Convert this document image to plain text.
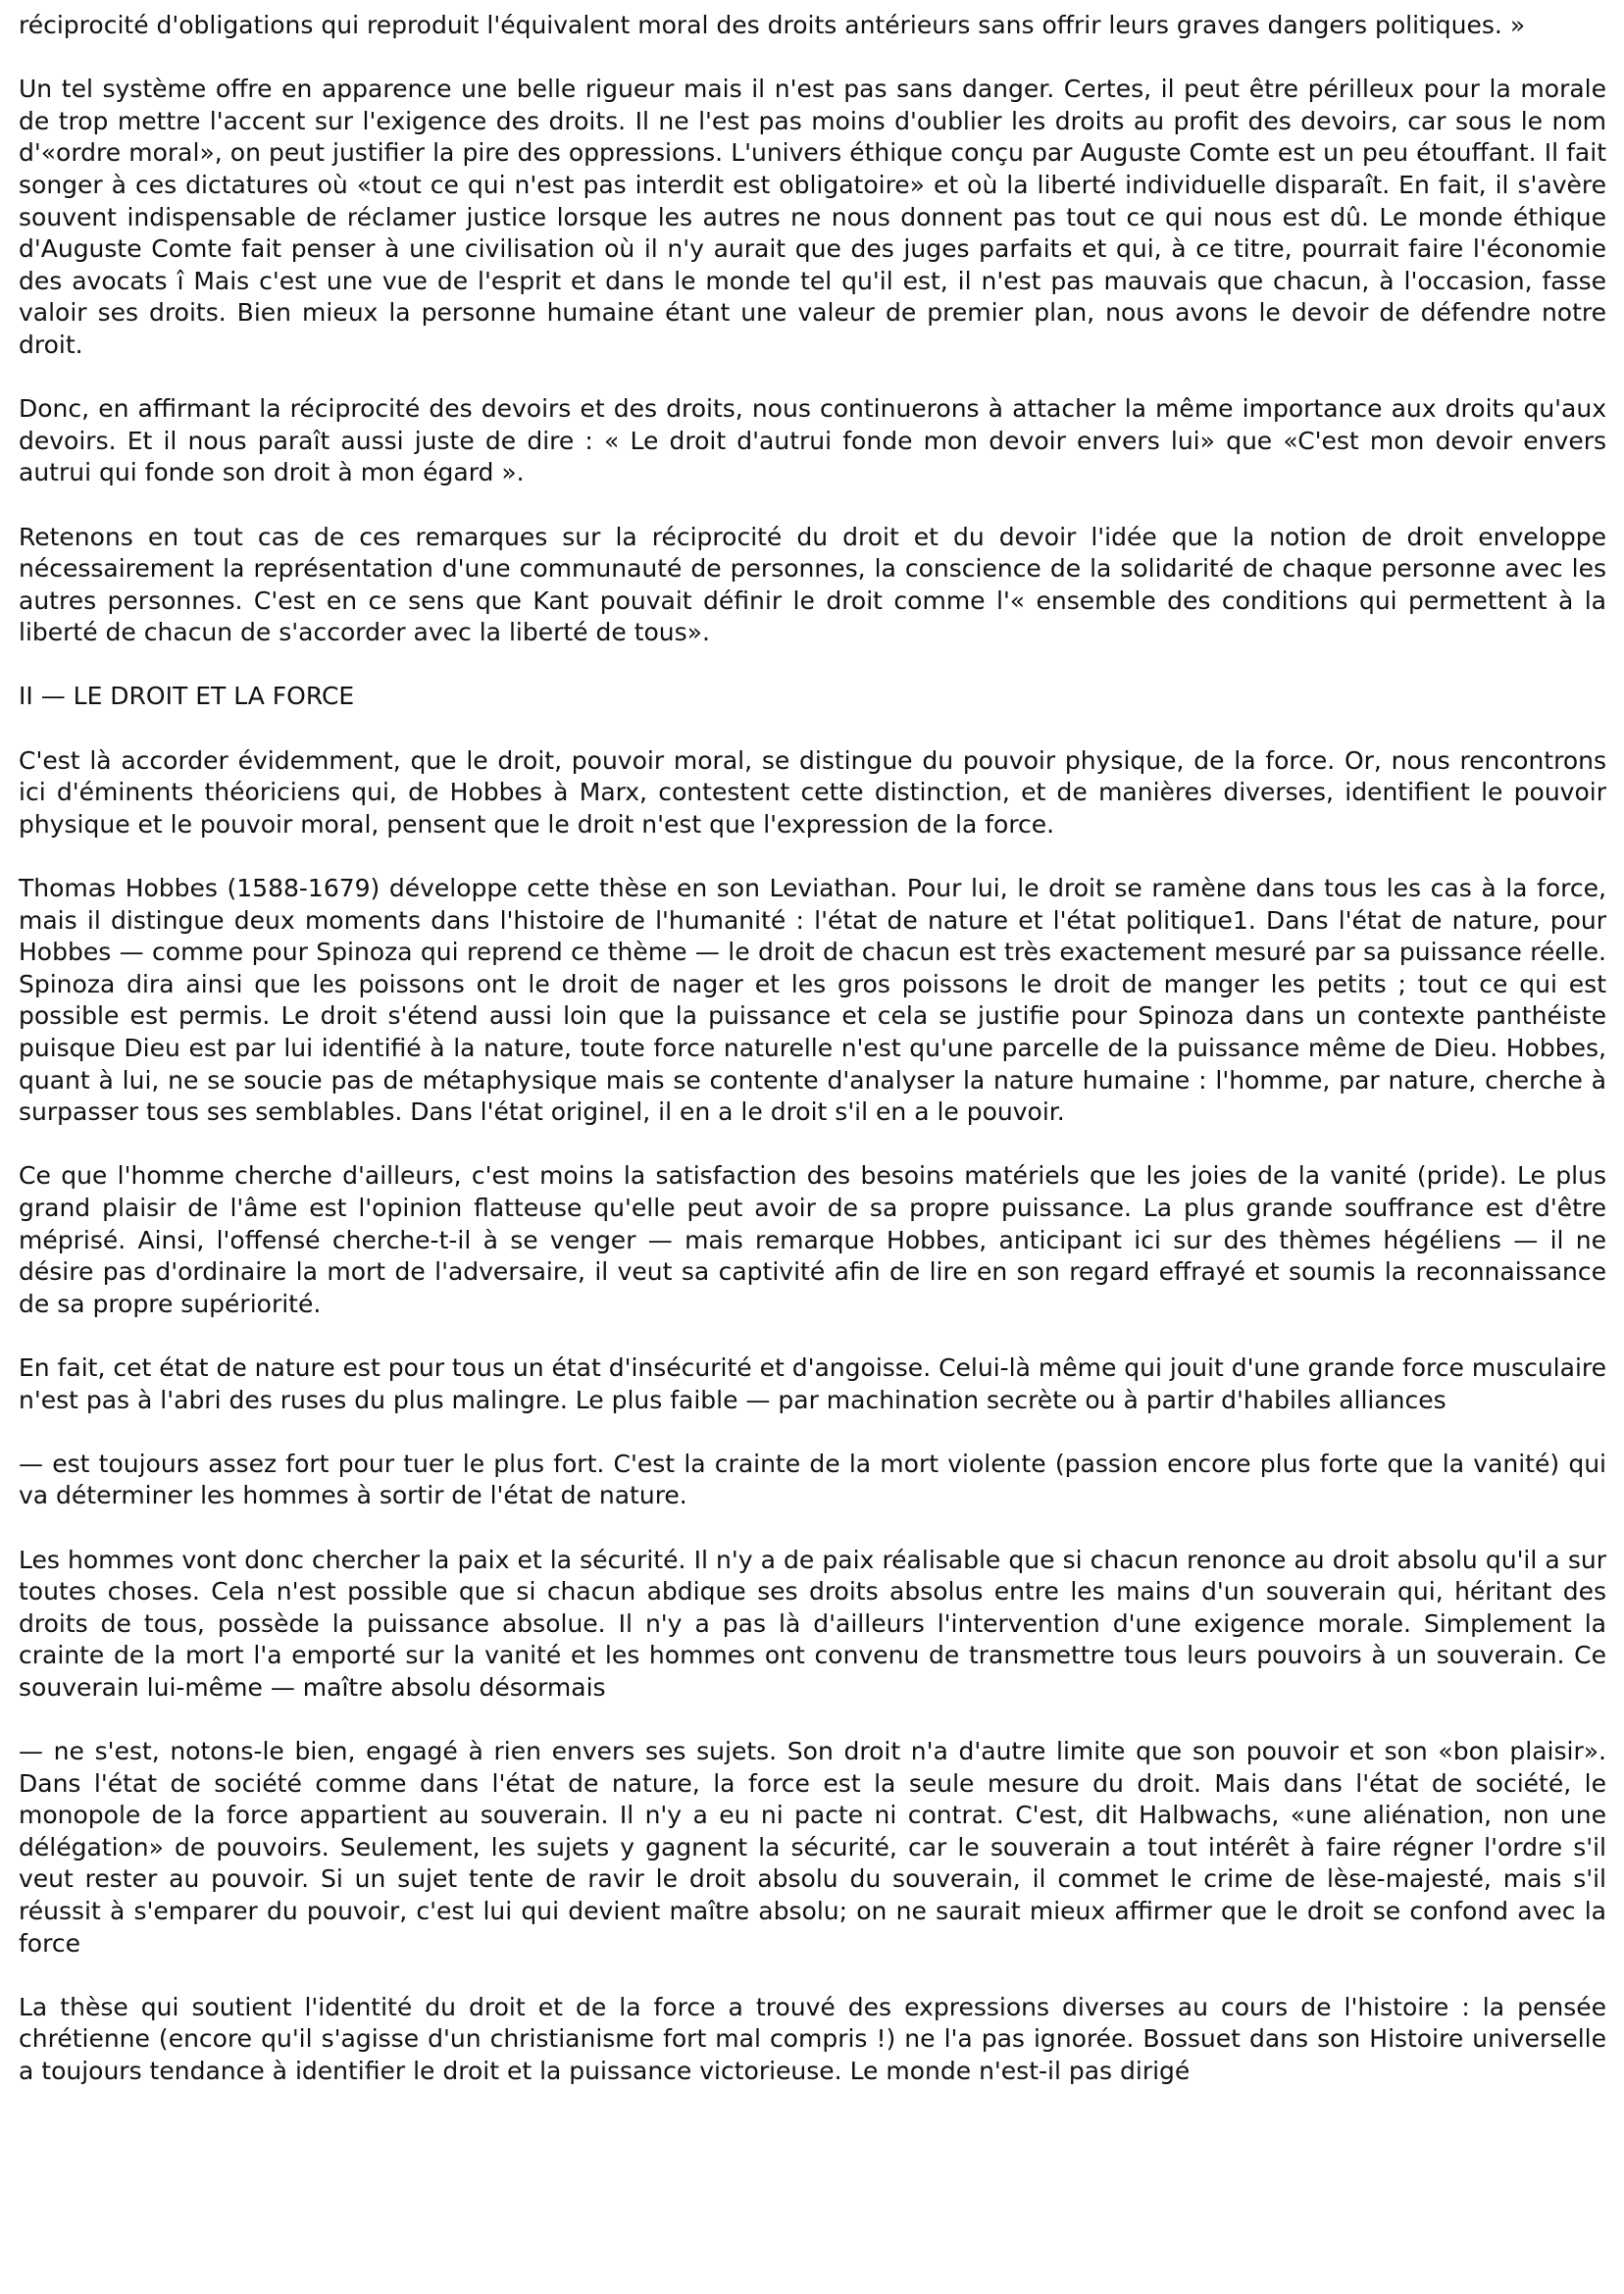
réciprocité d'obligations qui reproduit l'équivalent moral des droits antérieurs sans offrir leurs graves dangers politiques. »

Un tel système offre en apparence une belle rigueur mais il n'est pas sans danger. Certes, il peut être périlleux pour la morale de trop mettre l'accent sur l'exigence des droits. Il ne l'est pas moins d'oublier les droits au profit des devoirs, car sous le nom d'«ordre moral», on peut justifier la pire des oppressions. L'univers éthique conçu par Auguste Comte est un peu étouffant. Il fait songer à ces dictatures où «tout ce qui n'est pas interdit est obligatoire» et où la liberté individuelle disparaît. En fait, il s'avère souvent indispensable de réclamer justice lorsque les autres ne nous donnent pas tout ce qui nous est dû. Le monde éthique d'Auguste Comte fait penser à une civilisation où il n'y aurait que des juges parfaits et qui, à ce titre, pourrait faire l'économie des avocats î Mais c'est une vue de l'esprit et dans le monde tel qu'il est, il n'est pas mauvais que chacun, à l'occasion, fasse valoir ses droits. Bien mieux la personne humaine étant une valeur de premier plan, nous avons le devoir de défendre notre droit.

Donc, en affirmant la réciprocité des devoirs et des droits, nous continuerons à attacher la même importance aux droits qu'aux devoirs. Et il nous paraît aussi juste de dire : « Le droit d'autrui fonde mon devoir envers lui» que «C'est mon devoir envers autrui qui fonde son droit à mon égard ».

Retenons en tout cas de ces remarques sur la réciprocité du droit et du devoir l'idée que la notion de droit enveloppe nécessairement la représentation d'une communauté de personnes, la conscience de la solidarité de chaque personne avec les autres personnes. C'est en ce sens que Kant pouvait définir le droit comme l'« ensemble des conditions qui permettent à la liberté de chacun de s'accorder avec la liberté de tous».

II — LE DROIT ET LA FORCE

C'est là accorder évidemment, que le droit, pouvoir moral, se distingue du pouvoir physique, de la force. Or, nous rencontrons ici d'éminents théoriciens qui, de Hobbes à Marx, contestent cette distinction, et de manières diverses, identifient le pouvoir physique et le pouvoir moral, pensent que le droit n'est que l'expression de la force.

Thomas Hobbes (1588-1679) développe cette thèse en son Leviathan. Pour lui, le droit se ramène dans tous les cas à la force, mais il distingue deux moments dans l'histoire de l'humanité : l'état de nature et l'état politique1. Dans l'état de nature, pour Hobbes — comme pour Spinoza qui reprend ce thème — le droit de chacun est très exactement mesuré par sa puissance réelle. Spinoza dira ainsi que les poissons ont le droit de nager et les gros poissons le droit de manger les petits ; tout ce qui est possible est permis. Le droit s'étend aussi loin que la puissance et cela se justifie pour Spinoza dans un contexte panthéiste puisque Dieu est par lui identifié à la nature, toute force naturelle n'est qu'une parcelle de la puissance même de Dieu. Hobbes, quant à lui, ne se soucie pas de métaphysique mais se contente d'analyser la nature humaine : l'homme, par nature, cherche à surpasser tous ses semblables. Dans l'état originel, il en a le droit s'il en a le pouvoir.

Ce que l'homme cherche d'ailleurs, c'est moins la satisfaction des besoins matériels que les joies de la vanité (pride). Le plus grand plaisir de l'âme est l'opinion flatteuse qu'elle peut avoir de sa propre puissance. La plus grande souffrance est d'être méprisé. Ainsi, l'offensé cherche-t-il à se venger — mais remarque Hobbes, anticipant ici sur des thèmes hégéliens — il ne désire pas d'ordinaire la mort de l'adversaire, il veut sa captivité afin de lire en son regard effrayé et soumis la reconnaissance de sa propre supériorité.

En fait, cet état de nature est pour tous un état d'insécurité et d'angoisse. Celui-là même qui jouit d'une grande force musculaire n'est pas à l'abri des ruses du plus malingre. Le plus faible — par machination secrète ou à partir d'habiles alliances

— est toujours assez fort pour tuer le plus fort. C'est la crainte de la mort violente (passion encore plus forte que la vanité) qui va déterminer les hommes à sortir de l'état de nature.

Les hommes vont donc chercher la paix et la sécurité. Il n'y a de paix réalisable que si chacun renonce au droit absolu qu'il a sur toutes choses. Cela n'est possible que si chacun abdique ses droits absolus entre les mains d'un souverain qui, héritant des droits de tous, possède la puissance absolue. Il n'y a pas là d'ailleurs l'intervention d'une exigence morale. Simplement la crainte de la mort l'a emporté sur la vanité et les hommes ont convenu de transmettre tous leurs pouvoirs à un souverain. Ce souverain lui-même — maître absolu désormais

— ne s'est, notons-le bien, engagé à rien envers ses sujets. Son droit n'a d'autre limite que son pouvoir et son «bon plaisir». Dans l'état de société comme dans l'état de nature, la force est la seule mesure du droit. Mais dans l'état de société, le monopole de la force appartient au souverain. Il n'y a eu ni pacte ni contrat. C'est, dit Halbwachs, «une aliénation, non une délégation» de pouvoirs. Seulement, les sujets y gagnent la sécurité, car le souverain a tout intérêt à faire régner l'ordre s'il veut rester au pouvoir. Si un sujet tente de ravir le droit absolu du souverain, il commet le crime de lèse-majesté, mais s'il réussit à s'emparer du pouvoir, c'est lui qui devient maître absolu; on ne saurait mieux affirmer que le droit se confond avec la force

La thèse qui soutient l'identité du droit et de la force a trouvé des expressions diverses au cours de l'histoire : la pensée chrétienne (encore qu'il s'agisse d'un christianisme fort mal compris !) ne l'a pas ignorée. Bossuet dans son Histoire universelle a toujours tendance à identifier le droit et la puissance victorieuse. Le monde n'est-il pas dirigé
